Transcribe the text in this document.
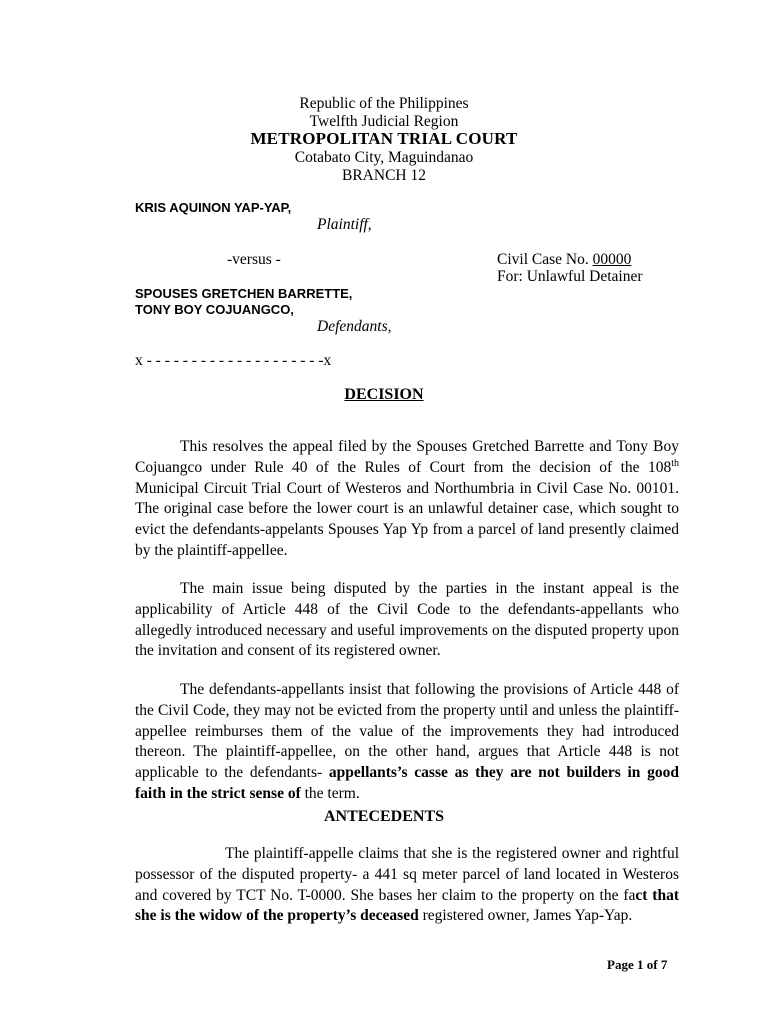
Republic of the Philippines
Twelfth Judicial Region
METROPOLITAN TRIAL COURT
Cotabato City, Maguindanao
BRANCH 12
KRIS AQUINON YAP-YAP,
Plaintiff,
-versus -	Civil Case No. 00000
For: Unlawful Detainer
SPOUSES GRETCHEN BARRETTE,
TONY BOY COJUANGCO,
Defendants,
x - - - - - - - - - - - - - - - - - - - -x
DECISION
This resolves the appeal filed by the Spouses Gretched Barrette and Tony Boy Cojuangco under Rule 40 of the Rules of Court from the decision of the 108th Municipal Circuit Trial Court of Westeros and Northumbria in Civil Case No. 00101. The original case before the lower court is an unlawful detainer case, which sought to evict the defendants-appelants Spouses Yap Yp from a parcel of land presently claimed by the plaintiff-appellee.
The main issue being disputed by the parties in the instant appeal is the applicability of Article 448 of the Civil Code to the defendants-appellants who allegedly introduced necessary and useful improvements on the disputed property upon the invitation and consent of its registered owner.
The defendants-appellants insist that following the provisions of Article 448 of the Civil Code, they may not be evicted from the property until and unless the plaintiff-appellee reimburses them of the value of the improvements they had introduced thereon. The plaintiff-appellee, on the other hand, argues that Article 448 is not applicable to the defendants- appellants’s casse as they are not builders in good faith in the strict sense of the term.
ANTECEDENTS
The plaintiff-appelle claims that she is the registered owner and rightful possessor of the disputed property- a 441 sq meter parcel of land located in Westeros and covered by TCT No. T-0000. She bases her claim to the property on the fact that she is the widow of the property’s deceased registered owner, James Yap-Yap.
Page 1 of 7
